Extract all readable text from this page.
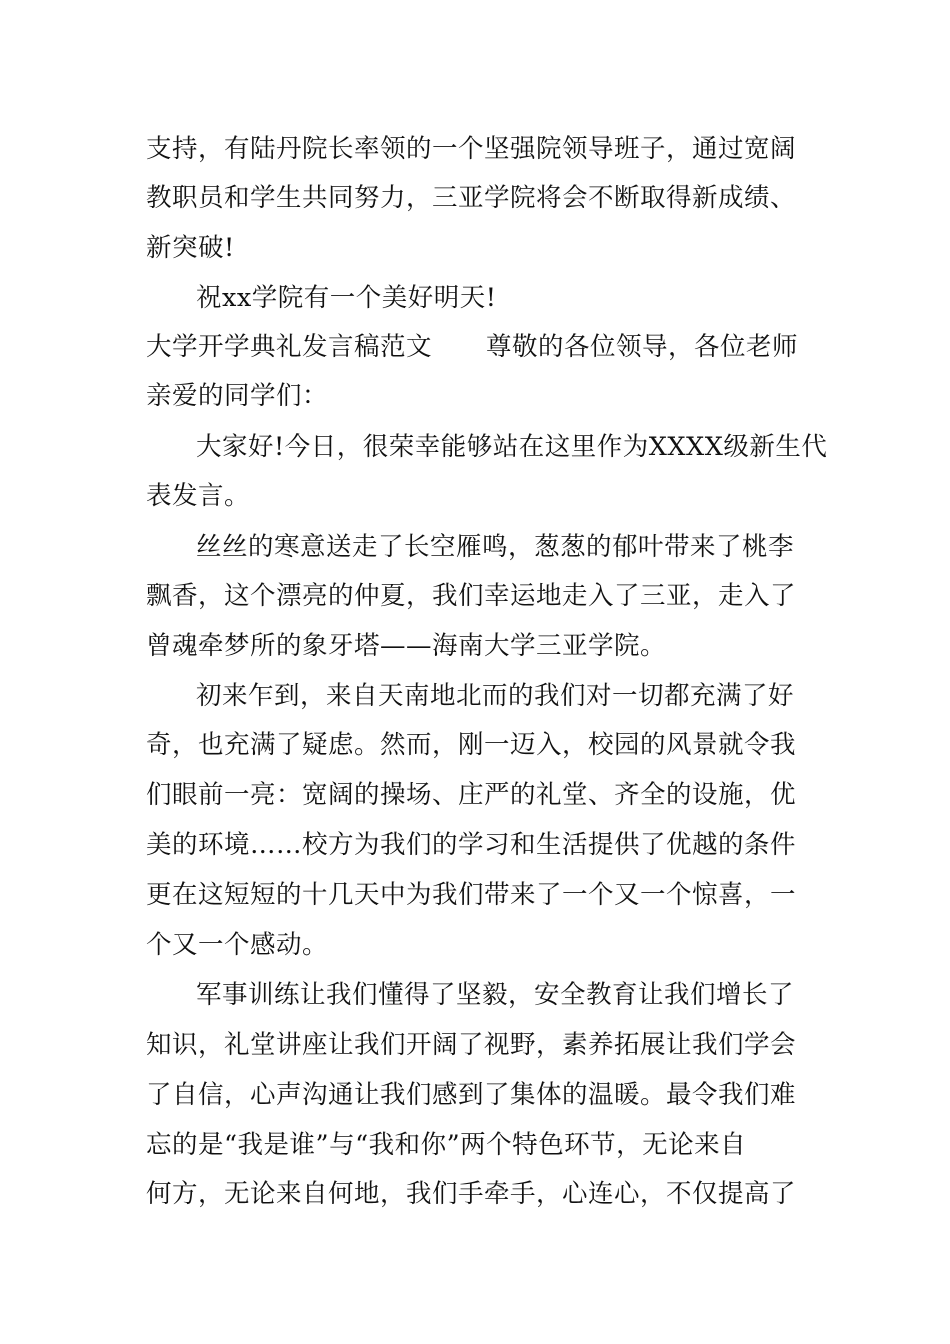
支持，有陆丹院长率领的一个坚强院领导班子，通过宽阔
教职员和学生共同努力，三亚学院将会不断取得新成绩、
新突破!
祝xx学院有一个美好明天!
大学开学典礼发言稿范文 尊敬的各位领导，各位老师
亲爱的同学们：
大家好!今日，很荣幸能够站在这里作为XXXX级新生代
表发言。
丝丝的寒意送走了长空雁鸣，葱葱的郁叶带来了桃李
飘香，这个漂亮的仲夏，我们幸运地走入了三亚，走入了
曾魂牵梦所的象牙塔——海南大学三亚学院。
初来乍到，来自天南地北而的我们对一切都充满了好
奇，也充满了疑虑。然而，刚一迈入，校园的风景就令我
们眼前一亮：宽阔的操场、庄严的礼堂、齐全的设施，优
美的环境……校方为我们的学习和生活提供了优越的条件
更在这短短的十几天中为我们带来了一个又一个惊喜，一
个又一个感动。
军事训练让我们懂得了坚毅，安全教育让我们增长了
知识，礼堂讲座让我们开阔了视野，素养拓展让我们学会
了自信，心声沟通让我们感到了集体的温暖。最令我们难
忘的是“我是谁”与“我和你”两个特色环节，无论来自
何方，无论来自何地，我们手牵手，心连心，不仅提高了
